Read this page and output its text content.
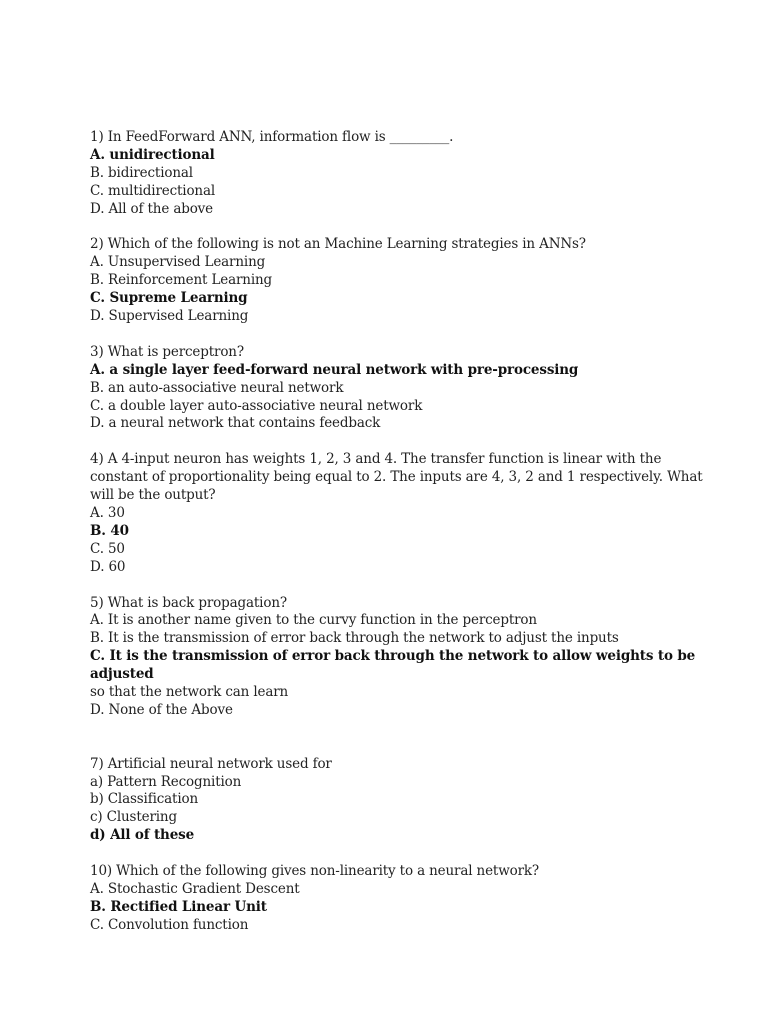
1) In FeedForward ANN, information flow is _________.
A. unidirectional
B. bidirectional
C. multidirectional
D. All of the above
2) Which of the following is not an Machine Learning strategies in ANNs?
A. Unsupervised Learning
B. Reinforcement Learning
C. Supreme Learning
D. Supervised Learning
3) What is perceptron?
A. a single layer feed-forward neural network with pre-processing
B. an auto-associative neural network
C. a double layer auto-associative neural network
D. a neural network that contains feedback
4) A 4-input neuron has weights 1, 2, 3 and 4. The transfer function is linear with the
constant of proportionality being equal to 2. The inputs are 4, 3, 2 and 1 respectively. What
will be the output?
A. 30
B. 40
C. 50
D. 60
5) What is back propagation?
A. It is another name given to the curvy function in the perceptron
B. It is the transmission of error back through the network to adjust the inputs
C. It is the transmission of error back through the network to allow weights to be adjusted
so that the network can learn
D. None of the Above
7) Artificial neural network used for
a) Pattern Recognition
b) Classification
c) Clustering
d) All of these
10) Which of the following gives non-linearity to a neural network?
A. Stochastic Gradient Descent
B. Rectified Linear Unit
C. Convolution function
